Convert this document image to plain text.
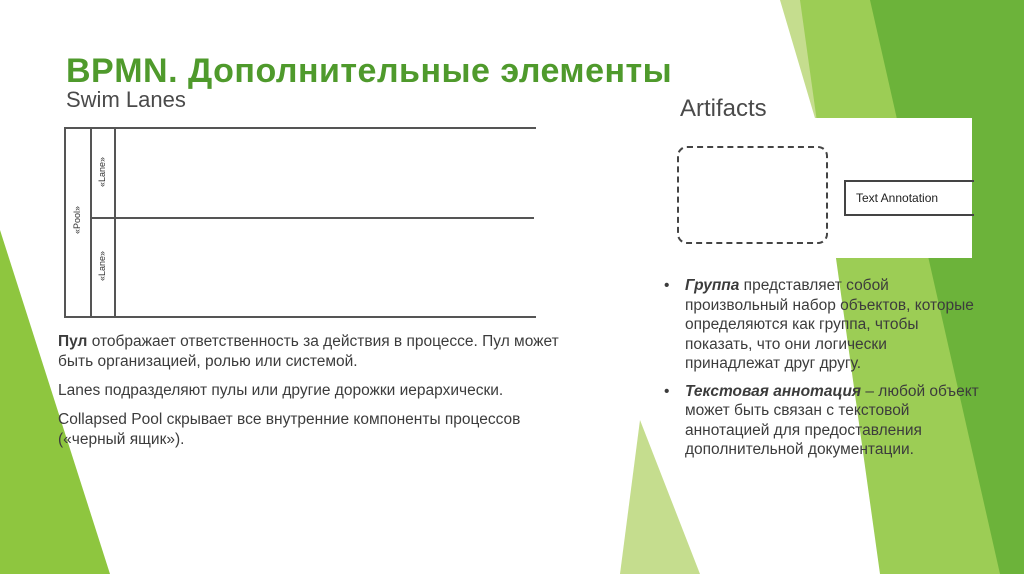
BPMN. Дополнительные элементы
Swim Lanes
«Pool»
«Lane»
«Lane»
Artifacts
Text Annotation

Пул отображает ответственность за действия в процессе. Пул может быть организацией, ролью или системой.

Lanes подразделяют пулы или другие дорожки иерархически.

Collapsed Pool скрывает все внутренние компоненты процессов («черный ящик»).

• Группа представляет собой произвольный набор объектов, которые определяются как группа, чтобы показать, что они логически принадлежат друг другу.
• Текстовая аннотация – любой объект может быть связан с текстовой аннотацией для предоставления дополнительной документации.
